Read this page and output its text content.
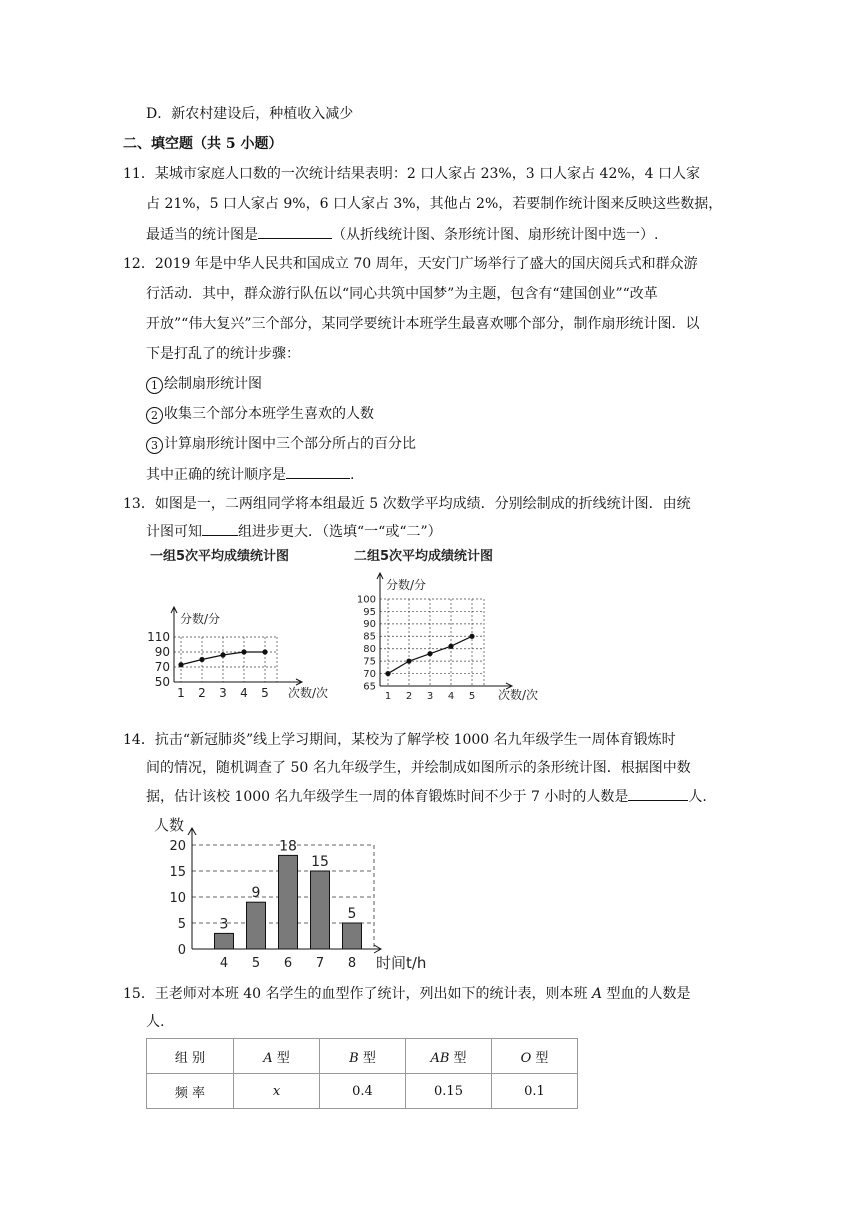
D．新农村建设后，种植收入减少
二、填空题（共 5 小题）
11．某城市家庭人口数的一次统计结果表明：2 口人家占 23%，3 口人家占 42%，4 口人家
占 21%，5 口人家占 9%，6 口人家占 3%，其他占 2%，若要制作统计图来反映这些数据，
最适当的统计图是	（从折线统计图、条形统计图、扇形统计图中选一）.
12．2019 年是中华人民共和国成立 70 周年，天安门广场举行了盛大的国庆阅兵式和群众游
行活动．其中，群众游行队伍以“同心共筑中国梦”为主题，包含有“建国创业”“改革
开放”“伟大复兴”三个部分，某同学要统计本班学生最喜欢哪个部分，制作扇形统计图．以
下是打乱了的统计步骤：
1 绘制扇形统计图
2 收集三个部分本班学生喜欢的人数
3 计算扇形统计图中三个部分所占的百分比
其中正确的统计顺序是	.
13．如图是一，二两组同学将本组最近 5 次数学平均成绩．分别绘制成的折线统计图．由统
计图可知	组进步更大．（选填“一“或“二”）
一组5次平均成绩统计图
分数/分
50
70
90
110
1 2 3 4 5 次数/次
二组5次平均成绩统计图
分数/分
65
70
75
80
85
90
95
100
1 2 3 4 5 次数/次
14．抗击“新冠肺炎”线上学习期间，某校为了解学校 1000 名九年级学生一周体育锻炼时
间的情况，随机调查了 50 名九年级学生，并绘制成如图所示的条形统计图．根据图中数
据，估计该校 1000 名九年级学生一周的体育锻炼时间不少于 7 小时的人数是	人.
人数
0
5
10
15
20
3
4
9
5
18
6
15
7
5
8 时间t/h
15．王老师对本班 40 名学生的血型作了统计，列出如下的统计表，则本班 A 型血的人数是
人.
组 别	A 型	B 型	AB 型	O 型
频 率	x	0.4	0.15	0.1
